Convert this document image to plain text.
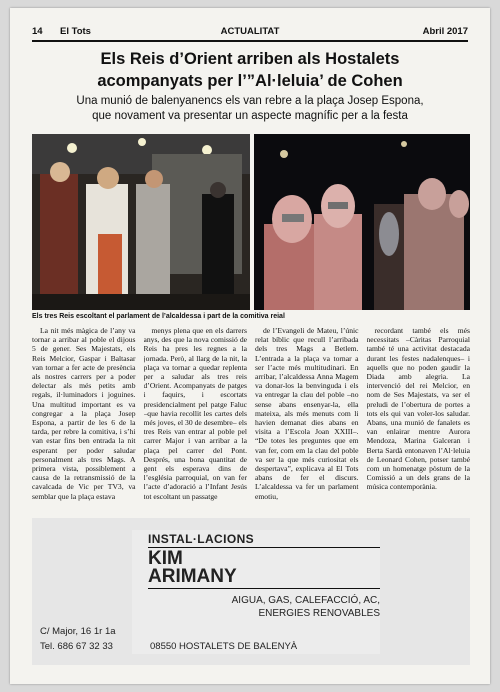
14 El Tots	ACTUALITAT	Abril 2017
Els Reis d’Orient arriben als Hostalets
acompanyats per l’”Al·leluia’ de Cohen
Una munió de balenyanencs els van rebre a la plaça Josep Espona,
que novament va presentar un aspecte magnífic per a la festa
Els tres Reis escoltant el parlament de l’alcaldessa i part de la comitiva reial

La nit més màgica de l’any va tornar a arribar al poble el dijous 5 de gener. Ses Majestats, els Reis Melcior, Gaspar i Baltasar van tornar a fer acte de presència als nostres carrers per a poder delectar als més petits amb regals, il·luminadors i joguines. Una multitud important es va congregar a la plaça Josep Espona, a partir de les 6 de la tarda, per rebre la comitiva, i s’hi van estar fins ben entrada la nit esperant per poder saludar personalment als tres Mags. A primera vista, possiblement a causa de la retransmissió de la cavalcada de Vic per TV3, va semblar que la plaça estava

menys plena que en els darrers anys, des que la nova comissió de Reis ha pres les regnes a la jornada. Però, al llarg de la nit, la plaça va tornar a quedar replenta per a saludar als tres reis d’Orient. Acompanyats de patges i faquirs, i escortats presidencialment pel patge Faluc –que havia recollit les cartes dels més joves, el 30 de desembre– els tres Reis van entrar al poble pel carrer Major i van arribar a la plaça pel carrer del Pont. Després, una bona quantitat de gent els esperava dins de l’església parroquial, on van fer l’acte d’adoració a l’Infant Jesús tot escoltant un passatge

de l’Evangeli de Mateu, l’únic relat bíblic que recull l’arribada dels tres Mags a Betlem. L’entrada a la plaça va tornar a ser l’acte més multitudinari. En arribar, l’alcaldessa Anna Magem va donar-los la benvinguda i els va entregar la clau del poble –no sense abans ensenyar-la, ella mateixa, als més menuts com li havien demanat dies abans en visita a l’Escola Joan XXIII–. “De totes les preguntes que em van fer, com em la clau del poble va ser la que més curiositat els despertava”, explicava al El Tots abans de fer el discurs. L’alcaldessa va fer un parlament emotiu,

recordant també els més necessitats –Càritas Parroquial també té una activitat destacada durant les festes nadalenques– i aquells que no poden gaudir la Diada amb alegria. La intervenció del rei Melcior, en nom de Ses Majestats, va ser el preludi de l’obertura de portes a tots els qui van voler-los saludar. Abans, una munió de fanalets es van enlairar mentre Aurora Mendoza, Marina Galceran i Berta Sardà entonaven l’Al·leluia de Leonard Cohen, potser també com un homenatge pòstum de la Comissió a un dels grans de la música contemporània.

INSTAL·LACIONS
KIM
ARIMANY
AIGUA, GAS, CALEFACCIÓ, AC,
ENERGIES RENOVABLES
C/ Major, 16 1r 1a
Tel. 686 67 32 33	08550 HOSTALETS DE BALENYÀ
